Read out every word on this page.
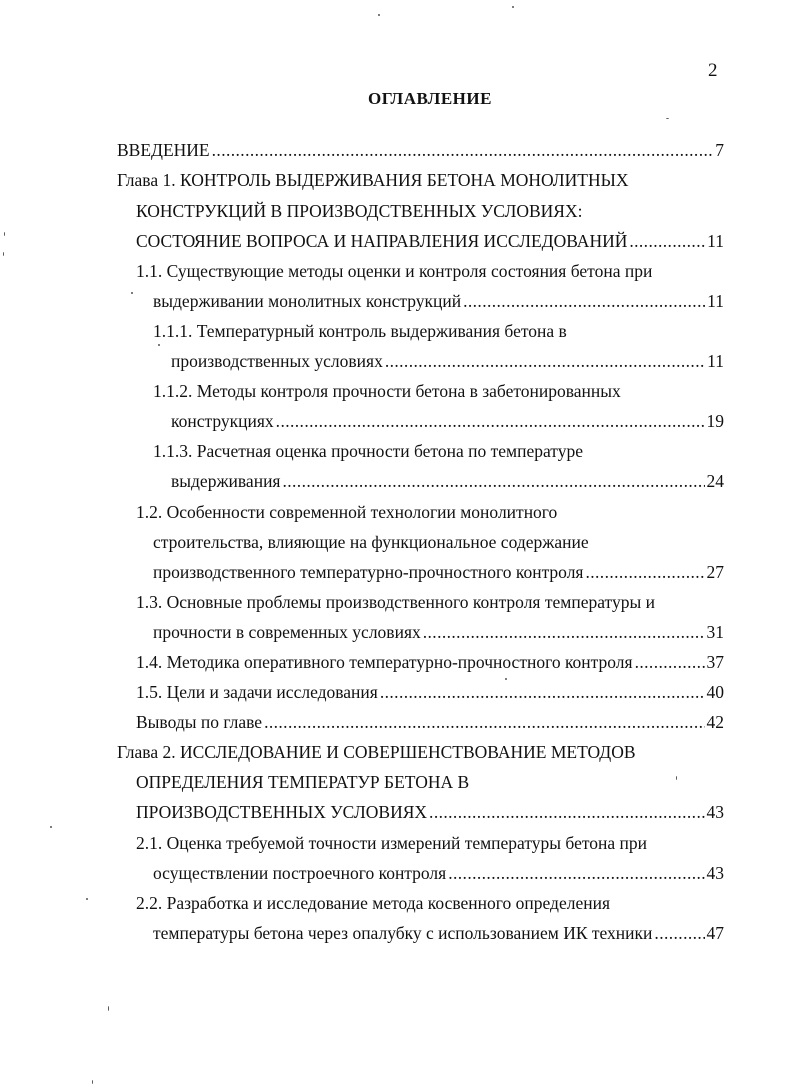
2
ОГЛАВЛЕНИЕ
ВВЕДЕНИЕ .....	7
Глава 1. КОНТРОЛЬ ВЫДЕРЖИВАНИЯ БЕТОНА МОНОЛИТНЫХ
КОНСТРУКЦИЙ В ПРОИЗВОДСТВЕННЫХ УСЛОВИЯХ:
СОСТОЯНИЕ ВОПРОСА И НАПРАВЛЕНИЯ ИССЛЕДОВАНИЙ .....	11
1.1. Существующие методы оценки и контроля состояния бетона при
выдерживании монолитных конструкций .....	11
1.1.1. Температурный контроль выдерживания бетона в
производственных условиях .....	11
1.1.2. Методы контроля прочности бетона в забетонированных
конструкциях .....	19
1.1.3. Расчетная оценка прочности бетона по температуре
выдерживания .....	24
1.2. Особенности современной технологии монолитного
строительства, влияющие на функциональное содержание
производственного температурно-прочностного контроля .....	27
1.3. Основные проблемы производственного контроля температуры и
прочности в современных условиях .....	31
1.4. Методика оперативного температурно-прочностного контроля .....	37
1.5. Цели и задачи исследования .....	40
Выводы по главе .....	42
Глава 2. ИССЛЕДОВАНИЕ И СОВЕРШЕНСТВОВАНИЕ МЕТОДОВ
ОПРЕДЕЛЕНИЯ ТЕМПЕРАТУР БЕТОНА В
ПРОИЗВОДСТВЕННЫХ УСЛОВИЯХ .....	43
2.1. Оценка требуемой точности измерений температуры бетона при
осуществлении построечного контроля .....	43
2.2. Разработка и исследование метода косвенного определения
температуры бетона через опалубку с использованием ИК техники .....	47
